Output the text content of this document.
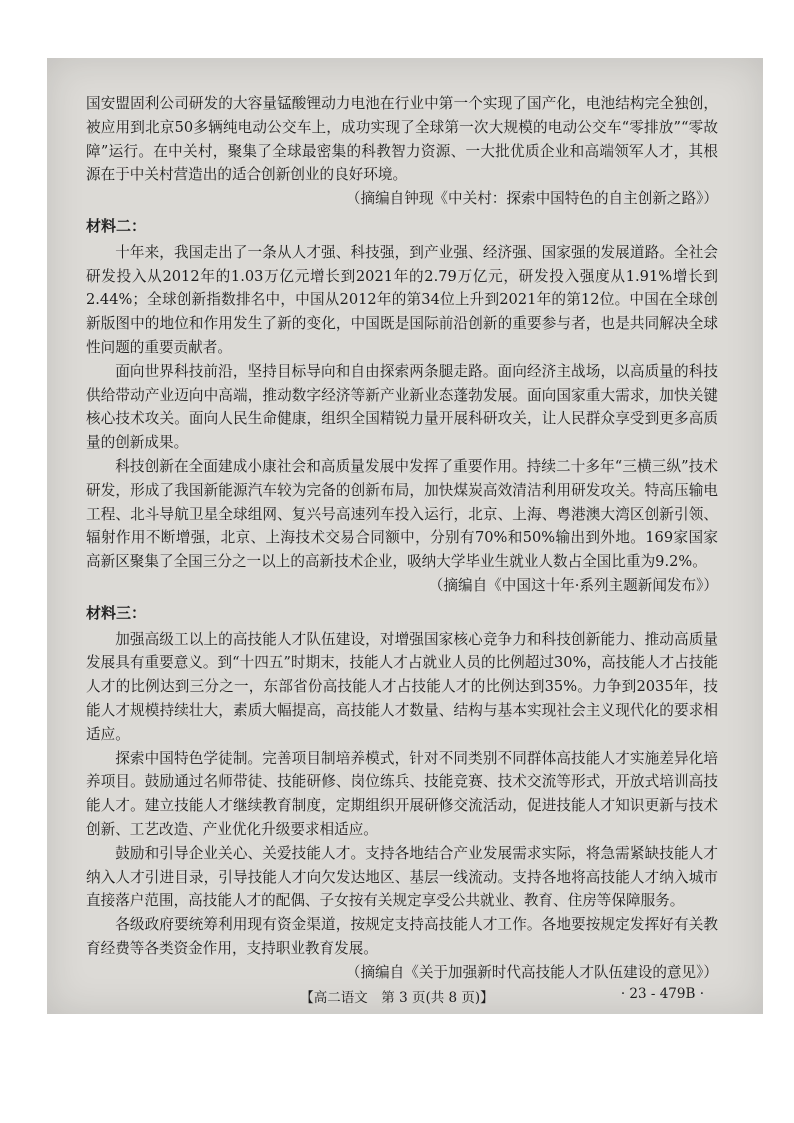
国安盟固利公司研发的大容量锰酸锂动力电池在行业中第一个实现了国产化，电池结构完全独创，被应用到北京50多辆纯电动公交车上，成功实现了全球第一次大规模的电动公交车“零排放”“零故障”运行。在中关村，聚集了全球最密集的科教智力资源、一大批优质企业和高端领军人才，其根源在于中关村营造出的适合创新创业的良好环境。

（摘编自钟现《中关村：探索中国特色的自主创新之路》）

材料二：

十年来，我国走出了一条从人才强、科技强，到产业强、经济强、国家强的发展道路。全社会研发投入从2012年的1.03万亿元增长到2021年的2.79万亿元，研发投入强度从1.91%增长到2.44%；全球创新指数排名中，中国从2012年的第34位上升到2021年的第12位。中国在全球创新版图中的地位和作用发生了新的变化，中国既是国际前沿创新的重要参与者，也是共同解决全球性问题的重要贡献者。

面向世界科技前沿，坚持目标导向和自由探索两条腿走路。面向经济主战场，以高质量的科技供给带动产业迈向中高端，推动数字经济等新产业新业态蓬勃发展。面向国家重大需求，加快关键核心技术攻关。面向人民生命健康，组织全国精锐力量开展科研攻关，让人民群众享受到更多高质量的创新成果。

科技创新在全面建成小康社会和高质量发展中发挥了重要作用。持续二十多年“三横三纵”技术研发，形成了我国新能源汽车较为完备的创新布局，加快煤炭高效清洁利用研发攻关。特高压输电工程、北斗导航卫星全球组网、复兴号高速列车投入运行，北京、上海、粤港澳大湾区创新引领、辐射作用不断增强，北京、上海技术交易合同额中，分别有70%和50%输出到外地。169家国家高新区聚集了全国三分之一以上的高新技术企业，吸纳大学毕业生就业人数占全国比重为9.2%。

（摘编自《中国这十年·系列主题新闻发布》）

材料三：

加强高级工以上的高技能人才队伍建设，对增强国家核心竞争力和科技创新能力、推动高质量发展具有重要意义。到“十四五”时期末，技能人才占就业人员的比例超过30%，高技能人才占技能人才的比例达到三分之一，东部省份高技能人才占技能人才的比例达到35%。力争到2035年，技能人才规模持续壮大，素质大幅提高，高技能人才数量、结构与基本实现社会主义现代化的要求相适应。

探索中国特色学徒制。完善项目制培养模式，针对不同类别不同群体高技能人才实施差异化培养项目。鼓励通过名师带徒、技能研修、岗位练兵、技能竞赛、技术交流等形式，开放式培训高技能人才。建立技能人才继续教育制度，定期组织开展研修交流活动，促进技能人才知识更新与技术创新、工艺改造、产业优化升级要求相适应。

鼓励和引导企业关心、关爱技能人才。支持各地结合产业发展需求实际，将急需紧缺技能人才纳入人才引进目录，引导技能人才向欠发达地区、基层一线流动。支持各地将高技能人才纳入城市直接落户范围，高技能人才的配偶、子女按有关规定享受公共就业、教育、住房等保障服务。

各级政府要统筹利用现有资金渠道，按规定支持高技能人才工作。各地要按规定发挥好有关教育经费等各类资金作用，支持职业教育发展。

（摘编自《关于加强新时代高技能人才队伍建设的意见》）

【高二语文　第 3 页(共 8 页)】	· 23 - 479B ·
